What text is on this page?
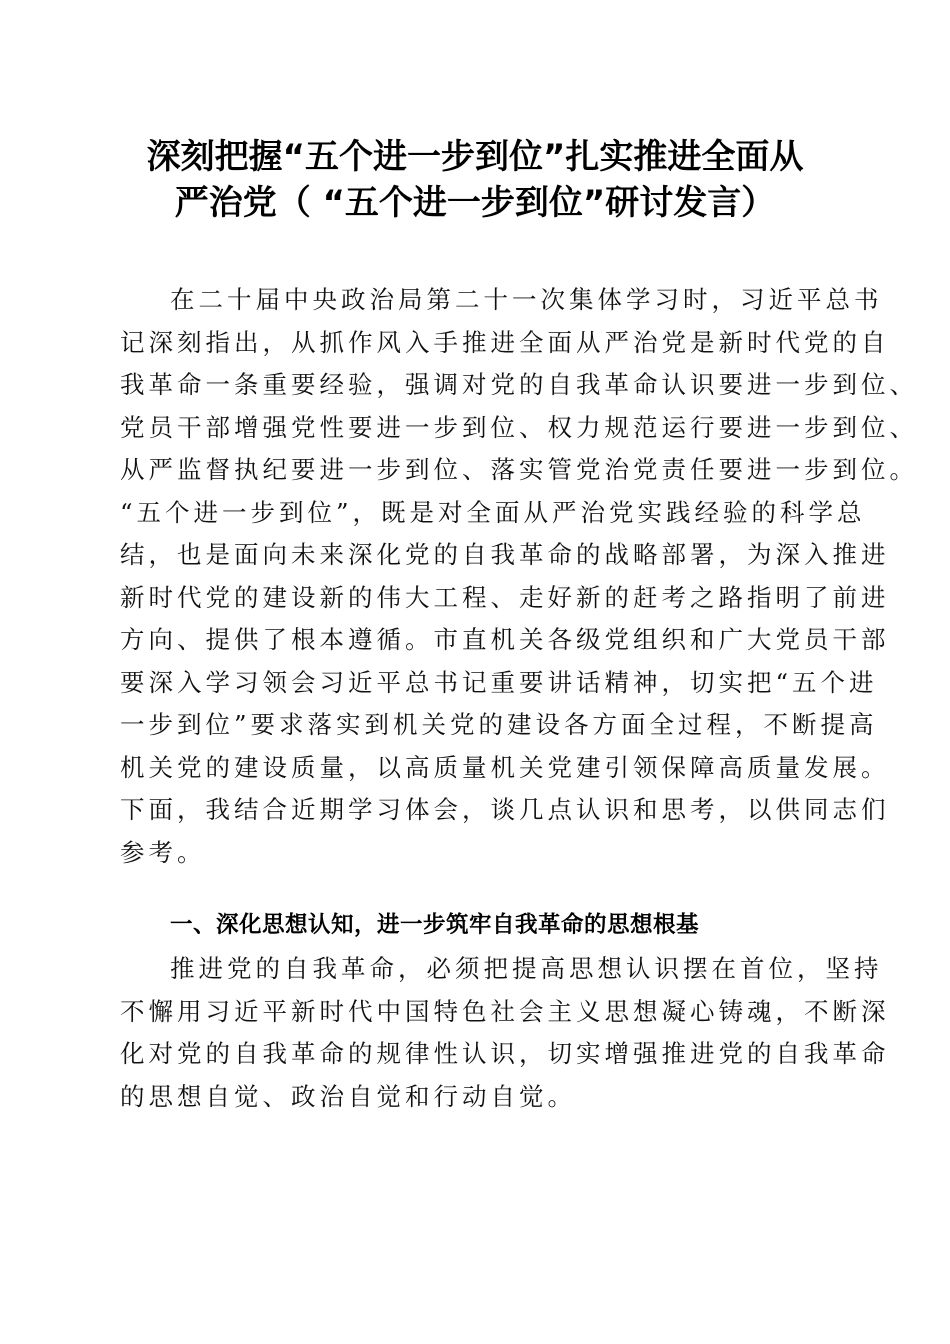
深刻把握“五个进一步到位”扎实推进全面从
严治党（ “五个进一步到位”研讨发言）
在二十届中央政治局第二十一次集体学习时，习近平总书
记深刻指出，从抓作风入手推进全面从严治党是新时代党的自
我革命一条重要经验，强调对党的自我革命认识要进一步到位、
党员干部增强党性要进一步到位、权力规范运行要进一步到位、
从严监督执纪要进一步到位、落实管党治党责任要进一步到位。
“五个进一步到位”，既是对全面从严治党实践经验的科学总
结，也是面向未来深化党的自我革命的战略部署，为深入推进
新时代党的建设新的伟大工程、走好新的赶考之路指明了前进
方向、提供了根本遵循。市直机关各级党组织和广大党员干部
要深入学习领会习近平总书记重要讲话精神，切实把“五个进
一步到位”要求落实到机关党的建设各方面全过程，不断提高
机关党的建设质量，以高质量机关党建引领保障高质量发展。
下面，我结合近期学习体会，谈几点认识和思考，以供同志们
参考。
一、深化思想认知，进一步筑牢自我革命的思想根基
推进党的自我革命，必须把提高思想认识摆在首位，坚持
不懈用习近平新时代中国特色社会主义思想凝心铸魂，不断深
化对党的自我革命的规律性认识，切实增强推进党的自我革命
的思想自觉、政治自觉和行动自觉。
